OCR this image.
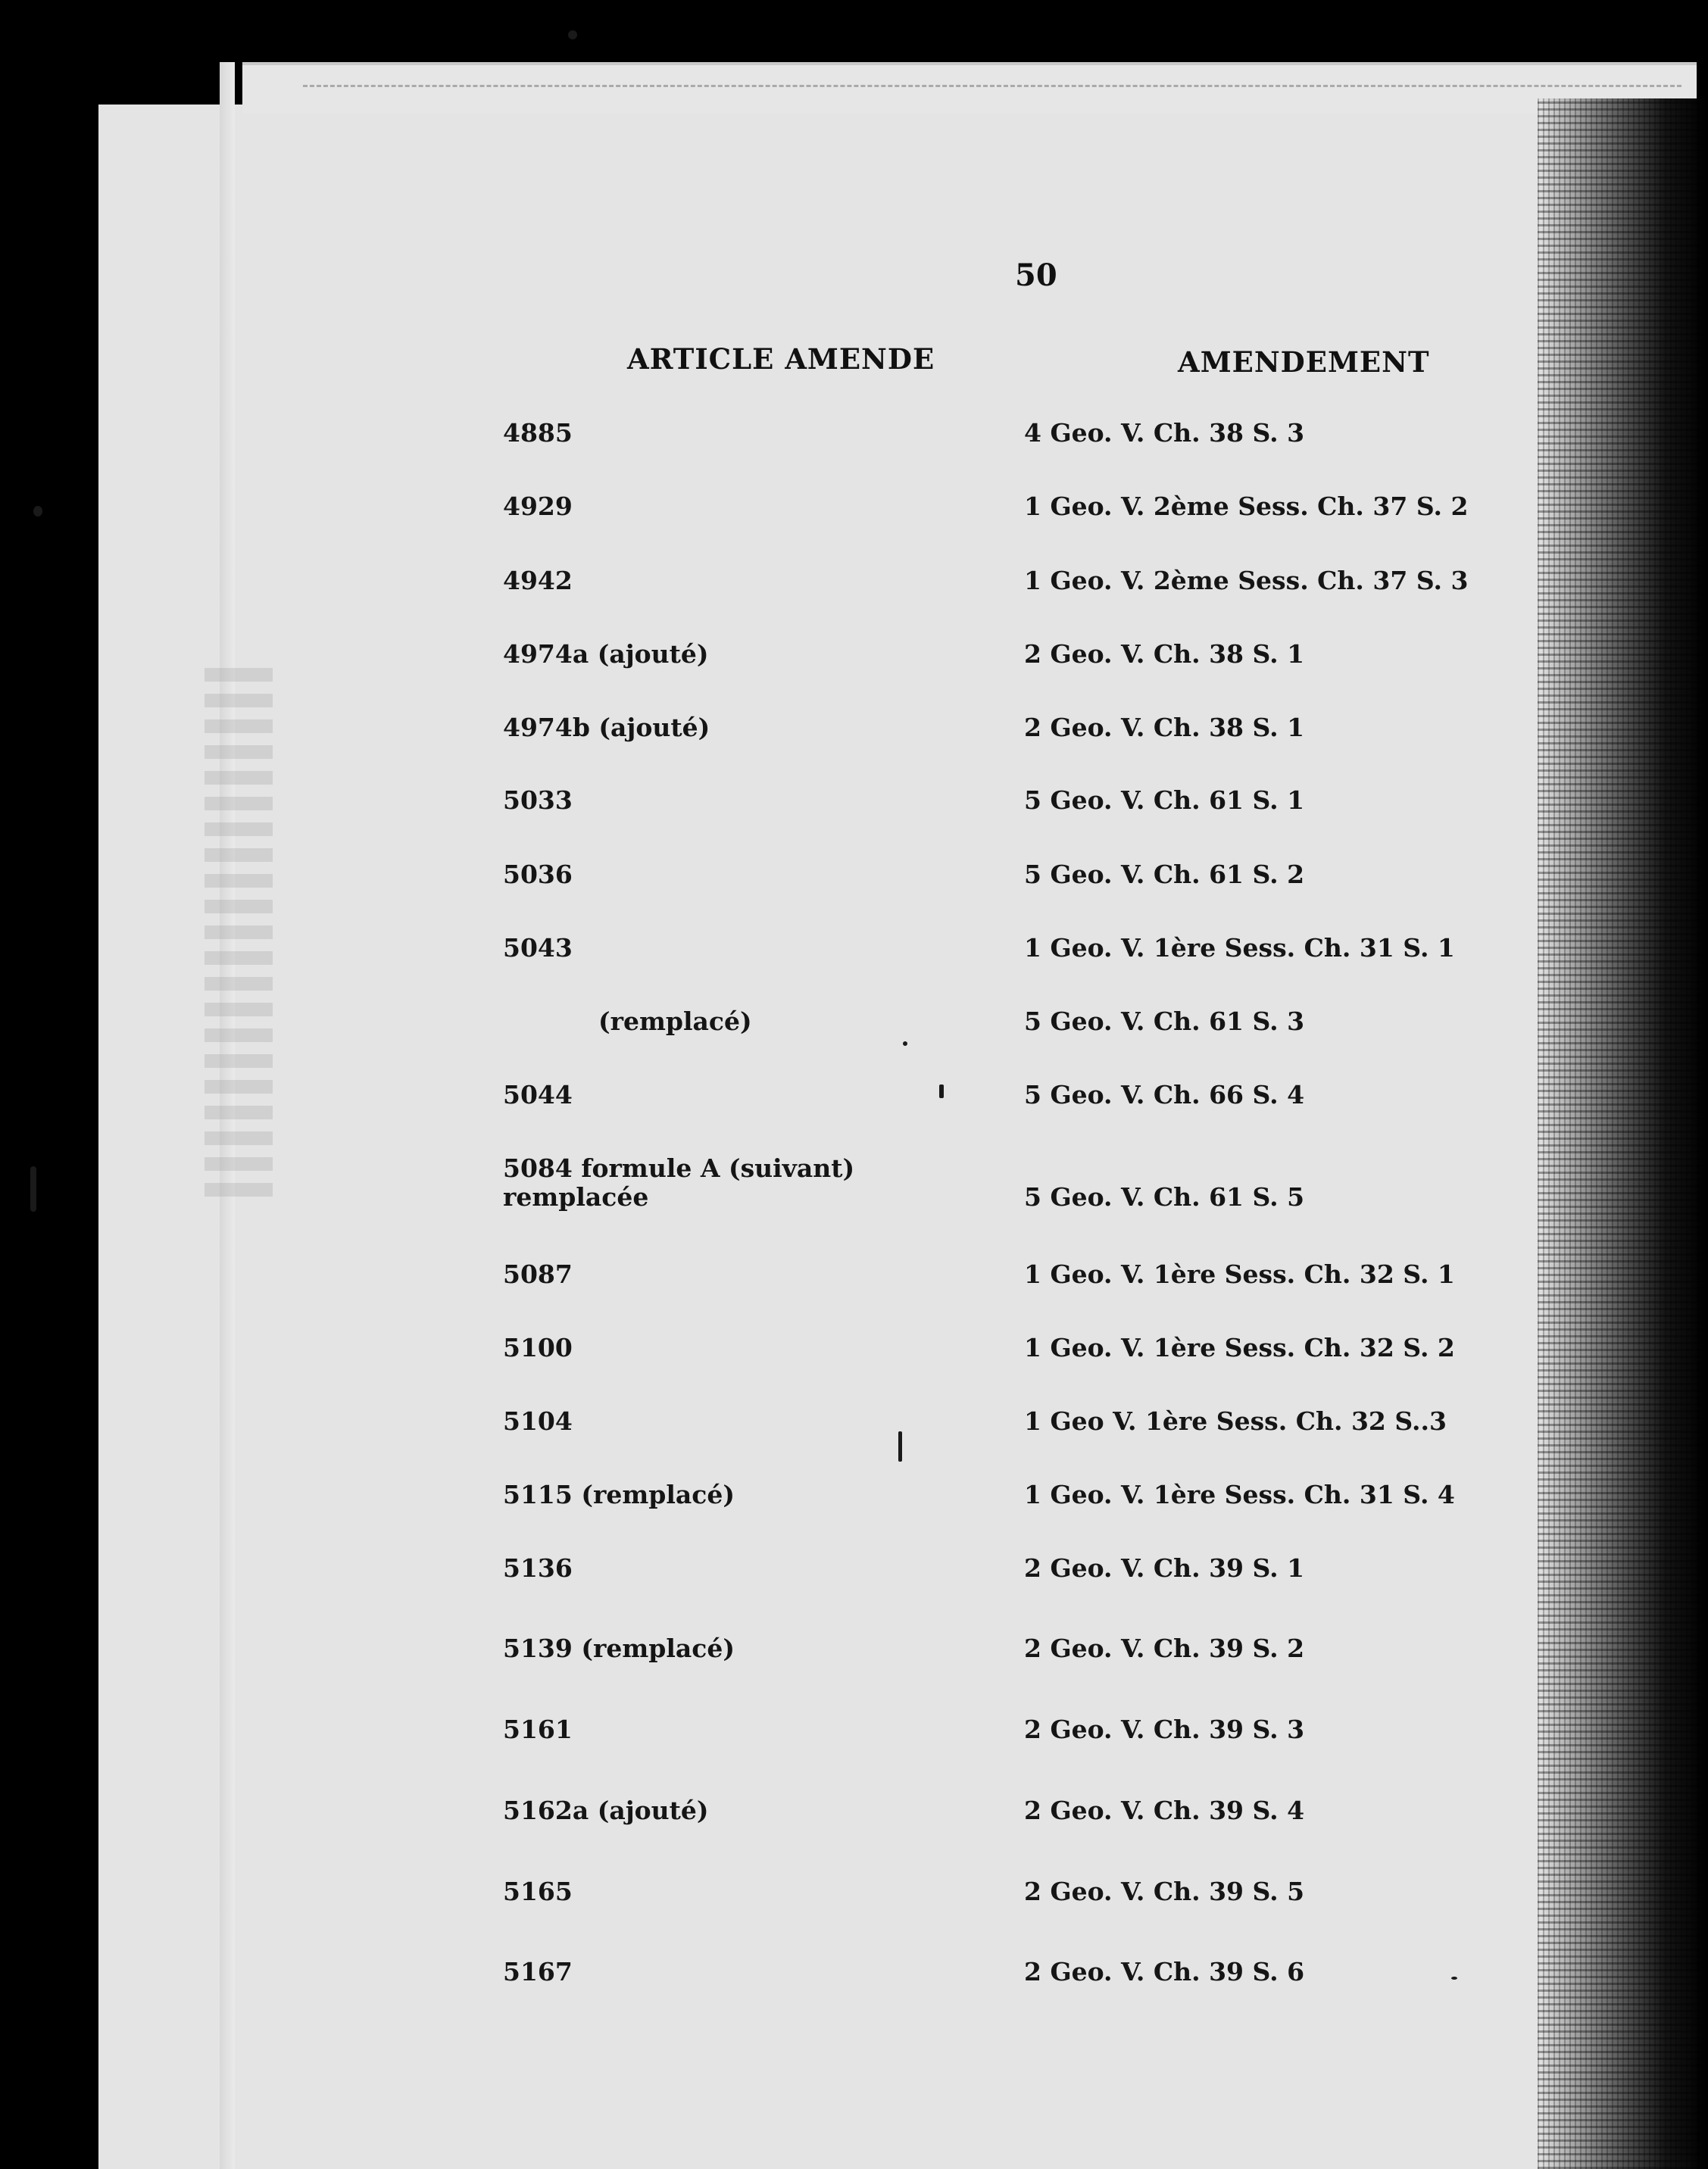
50
ARTICLE AMENDE	AMENDEMENT
4885	4 Geo. V. Ch. 38 S. 3
4929	1 Geo. V. 2ème Sess. Ch. 37 S. 2
4942	1 Geo. V. 2ème Sess. Ch. 37 S. 3
4974a (ajouté)	2 Geo. V. Ch. 38 S. 1
4974b (ajouté)	2 Geo. V. Ch. 38 S. 1
5033	5 Geo. V. Ch. 61 S. 1
5036	5 Geo. V. Ch. 61 S. 2
5043	1 Geo. V. 1ère Sess. Ch. 31 S. 1
(remplacé)	5 Geo. V. Ch. 61 S. 3
5044	5 Geo. V. Ch. 66 S. 4
5084 formule A (suivant)
remplacée	5 Geo. V. Ch. 61 S. 5
5087	1 Geo. V. 1ère Sess. Ch. 32 S. 1
5100	1 Geo. V. 1ère Sess. Ch. 32 S. 2
5104	1 Geo V. 1ère Sess. Ch. 32 S..3
5115 (remplacé)	1 Geo. V. 1ère Sess. Ch. 31 S. 4
5136	2 Geo. V. Ch. 39 S. 1
5139 (remplacé)	2 Geo. V. Ch. 39 S. 2
5161	2 Geo. V. Ch. 39 S. 3
5162a (ajouté)	2 Geo. V. Ch. 39 S. 4
5165	2 Geo. V. Ch. 39 S. 5
5167	2 Geo. V. Ch. 39 S. 6
